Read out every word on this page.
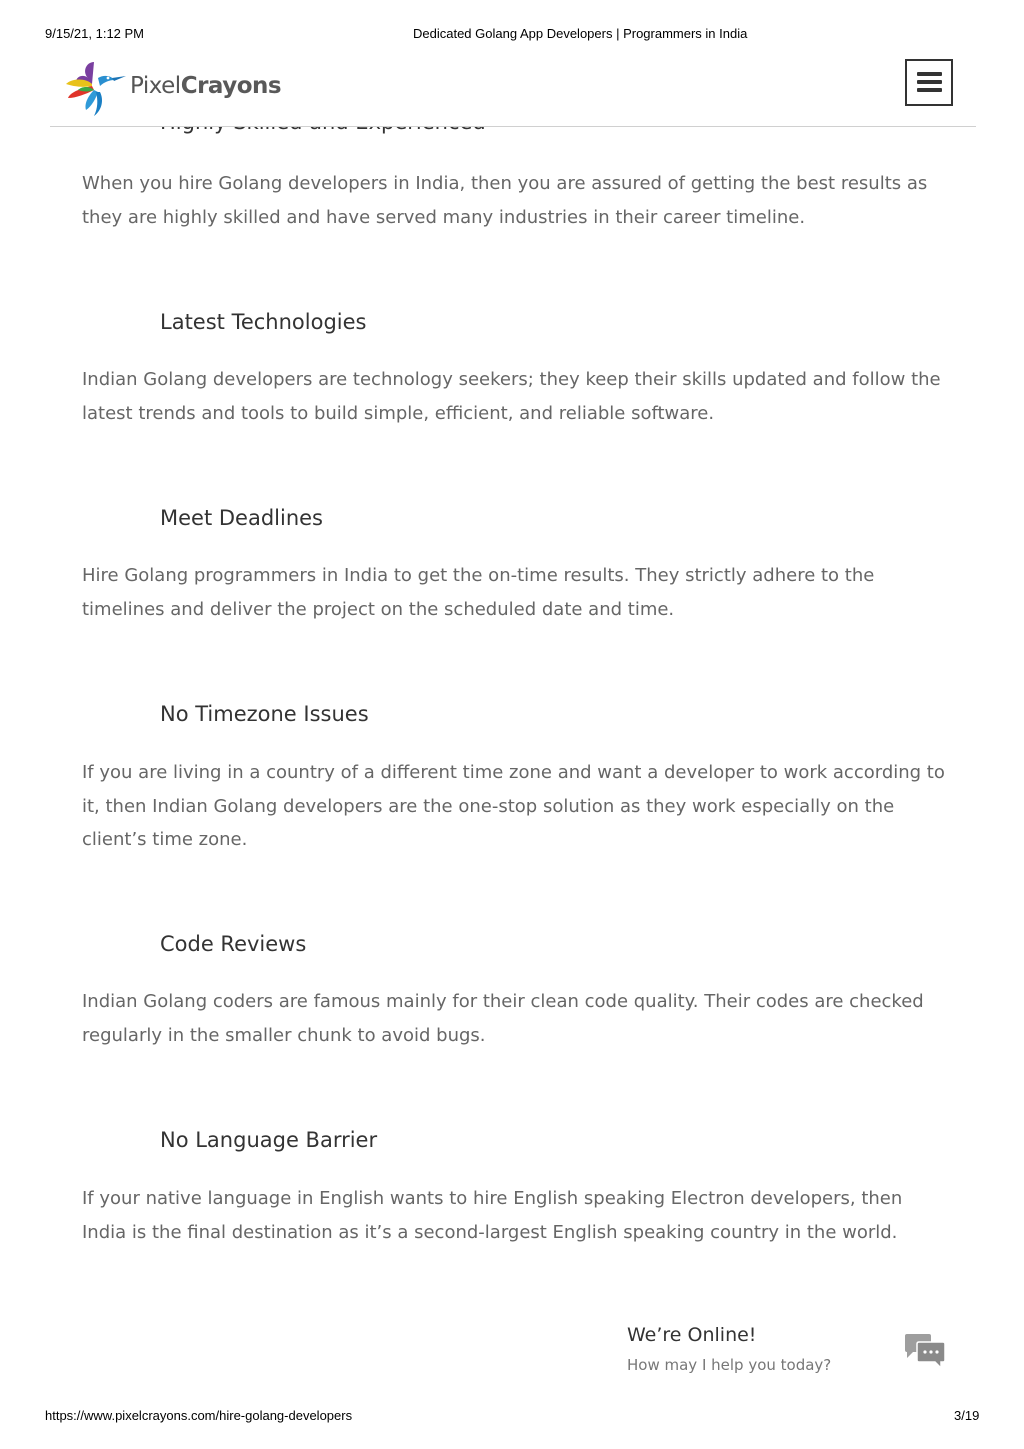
9/15/21, 1:12 PM	Dedicated Golang App Developers | Programmers in India
PixelCrayons

When you hire Golang developers in India, then you are assured of getting the best results as they are highly skilled and have served many industries in their career timeline.

Latest Technologies

Indian Golang developers are technology seekers; they keep their skills updated and follow the latest trends and tools to build simple, efficient, and reliable software.

Meet Deadlines

Hire Golang programmers in India to get the on-time results. They strictly adhere to the timelines and deliver the project on the scheduled date and time.

No Timezone Issues

If you are living in a country of a different time zone and want a developer to work according to it, then Indian Golang developers are the one-stop solution as they work especially on the client’s time zone.

Code Reviews

Indian Golang coders are famous mainly for their clean code quality. Their codes are checked regularly in the smaller chunk to avoid bugs.

No Language Barrier

If your native language in English wants to hire English speaking Electron developers, then India is the final destination as it’s a second-largest English speaking country in the world.

We’re Online!
How may I help you today?
https://www.pixelcrayons.com/hire-golang-developers	3/19
